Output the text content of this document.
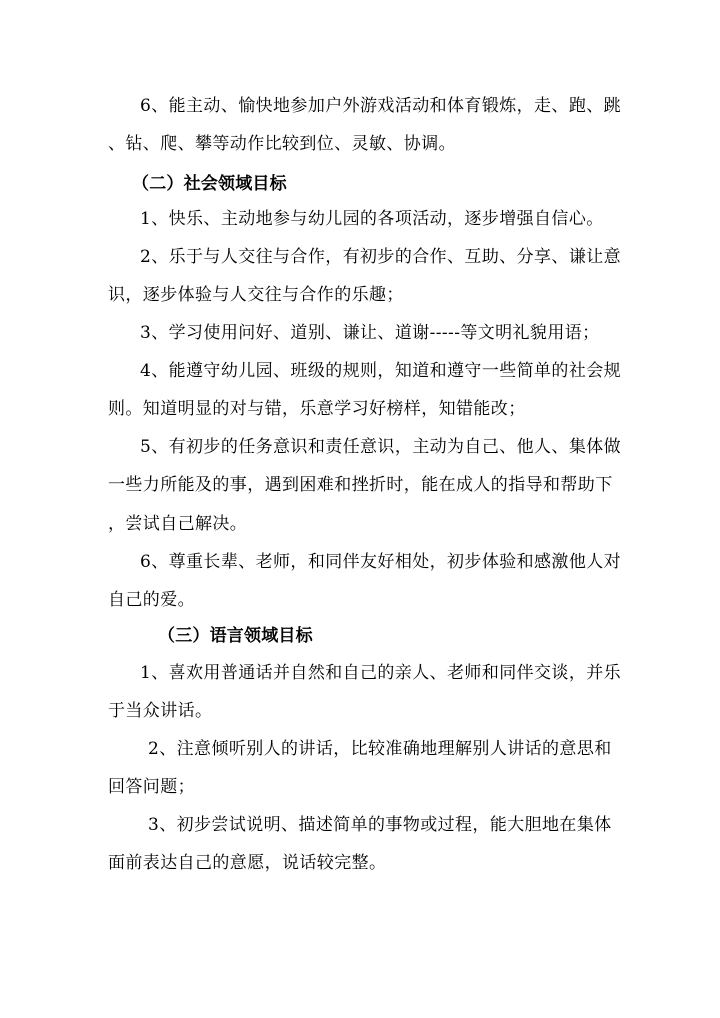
6、能主动、愉快地参加户外游戏活动和体育锻炼，走、跑、跳
、钻、爬、攀等动作比较到位、灵敏、协调。
（二）社会领域目标
1、快乐、主动地参与幼儿园的各项活动，逐步增强自信心。
2、乐于与人交往与合作，有初步的合作、互助、分享、谦让意
识，逐步体验与人交往与合作的乐趣；
3、学习使用问好、道别、谦让、道谢-----等文明礼貌用语；
4、能遵守幼儿园、班级的规则，知道和遵守一些简单的社会规
则。知道明显的对与错，乐意学习好榜样，知错能改；
5、有初步的任务意识和责任意识，主动为自己、他人、集体做
一些力所能及的事，遇到困难和挫折时，能在成人的指导和帮助下
，尝试自己解决。
6、尊重长辈、老师，和同伴友好相处，初步体验和感激他人对
自己的爱。
（三）语言领域目标
1、喜欢用普通话并自然和自己的亲人、老师和同伴交谈，并乐
于当众讲话。
2、注意倾听别人的讲话，比较准确地理解别人讲话的意思和
回答问题；
3、初步尝试说明、描述简单的事物或过程，能大胆地在集体
面前表达自己的意愿，说话较完整。
